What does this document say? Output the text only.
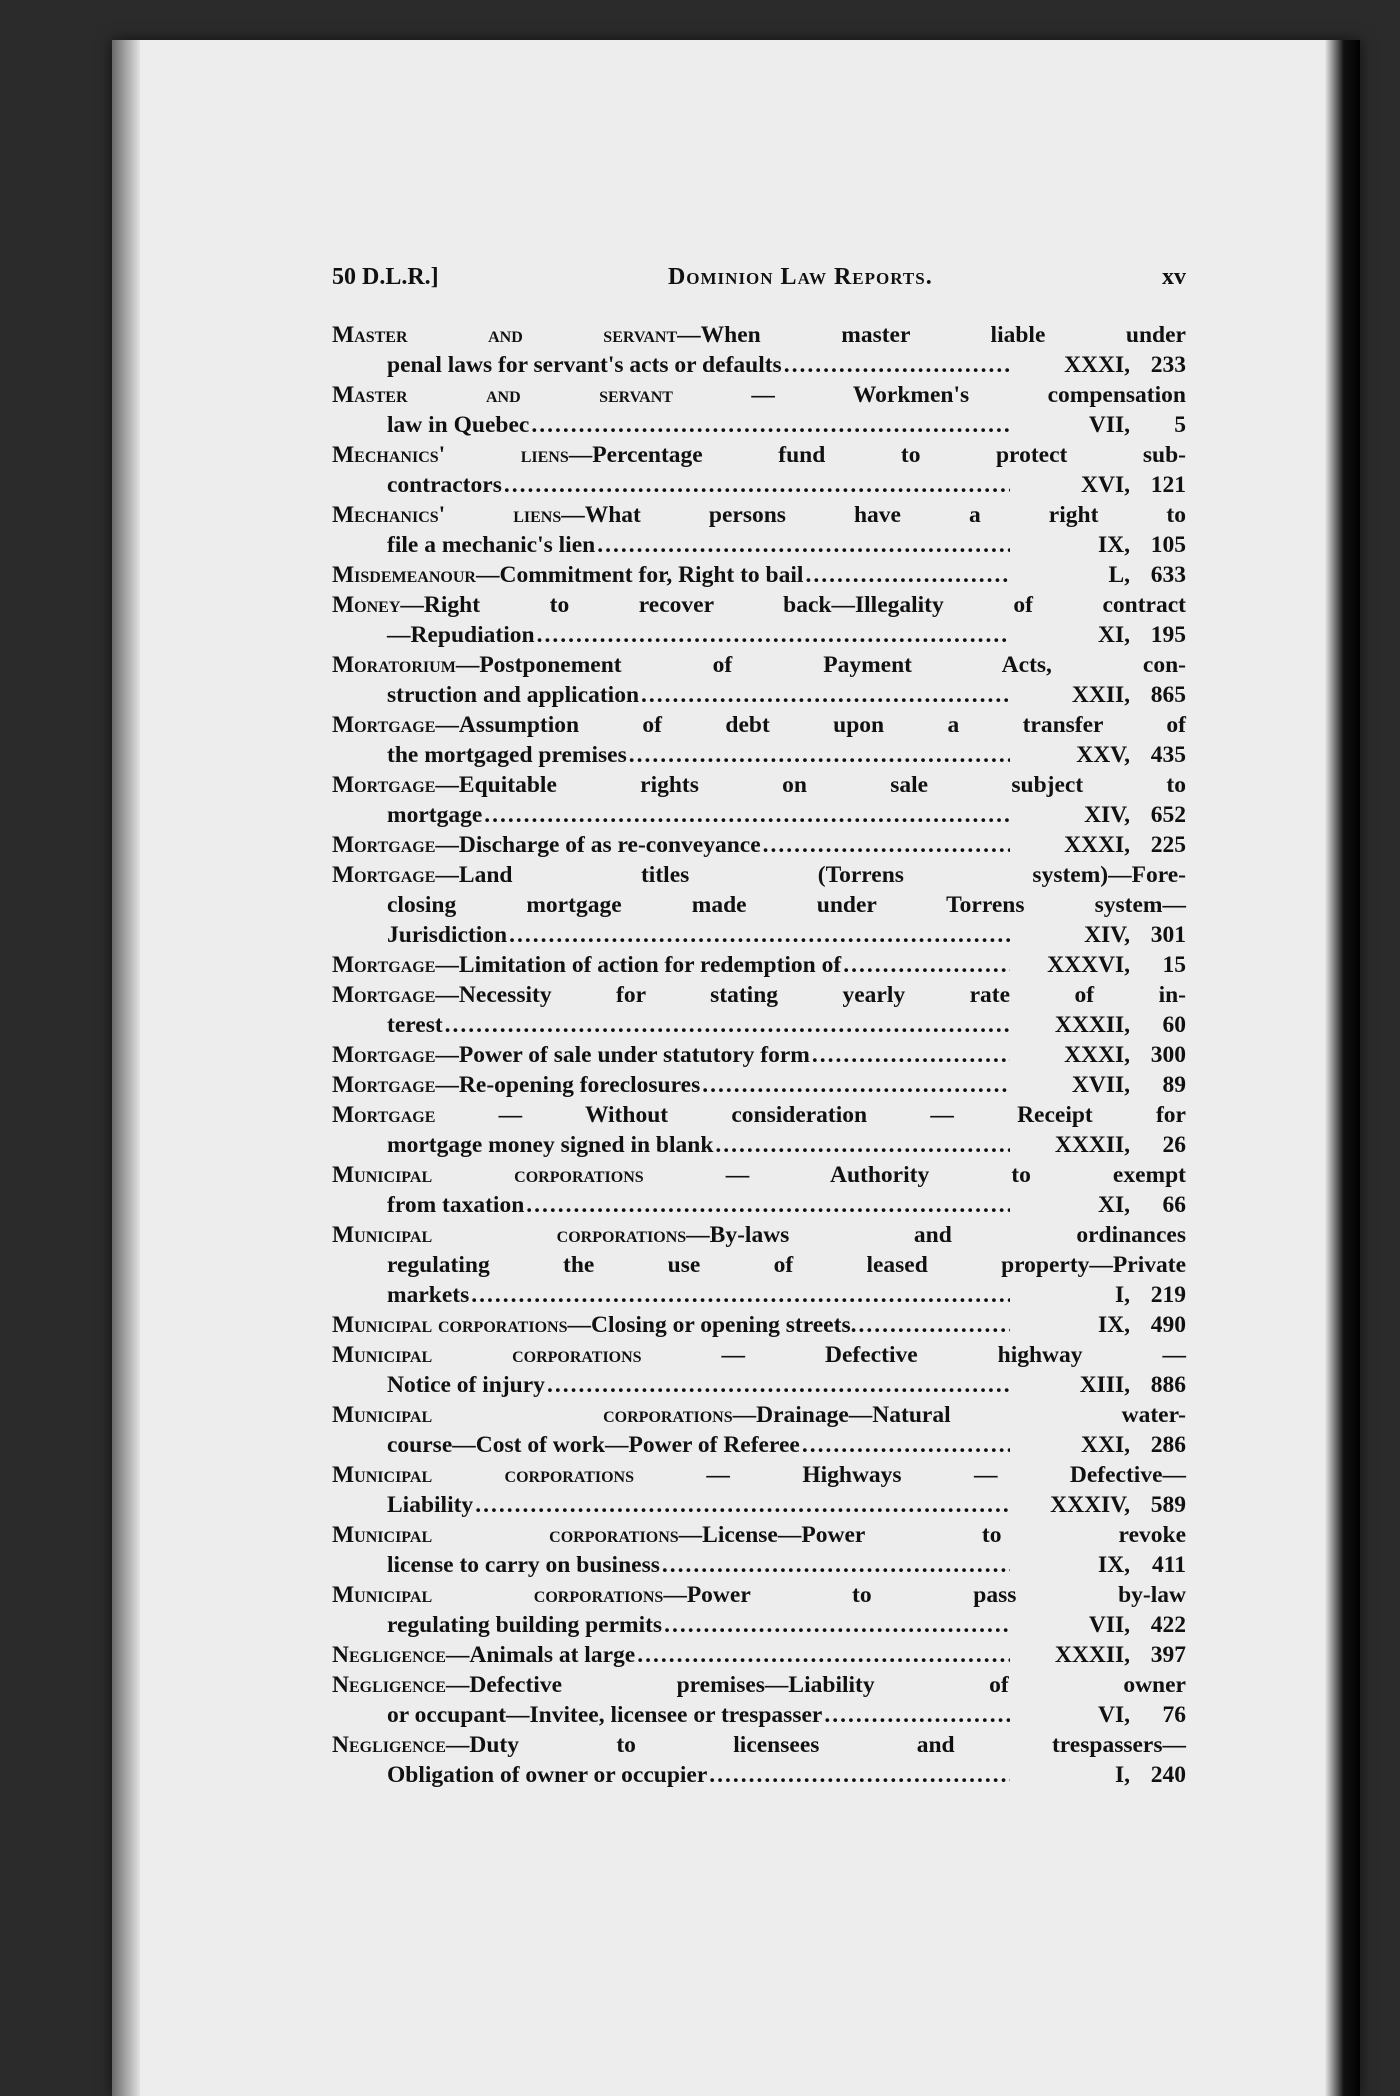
50 D.L.R.]	Dominion Law Reports.	xv
Master and servant—When master liable under
penal laws for servant's acts or defaults .....	XXXI, 233
Master and servant — Workmen's compensation
law in Quebec .....	VII,	5
Mechanics' liens—Percentage fund to protect sub-
contractors .....	XVI, 121
Mechanics' liens—What persons have a right to
file a mechanic's lien .....	IX, 105
Misdemeanour—Commitment for, Right to bail .....	L, 633
Money—Right to recover back—Illegality of contract
—Repudiation .....	XI, 195
Moratorium—Postponement of Payment Acts, con-
struction and application .....	XXII, 865
Mortgage—Assumption of debt upon a transfer of
the mortgaged premises .....	XXV, 435
Mortgage—Equitable rights on sale subject to
mortgage .....	XIV, 652
Mortgage—Discharge of as re-conveyance .....	XXXI, 225
Mortgage—Land titles (Torrens system)—Fore-
closing mortgage made under Torrens system—
Jurisdiction .....	XIV, 301
Mortgage—Limitation of action for redemption of .....	XXXVI,	15
Mortgage—Necessity for stating yearly rate of in-
terest .....	XXXII,	60
Mortgage—Power of sale under statutory form .....	XXXI, 300
Mortgage—Re-opening foreclosures .....	XVII,	89
Mortgage — Without consideration — Receipt for
mortgage money signed in blank .....	XXXII,	26
Municipal corporations — Authority to exempt
from taxation .....	XI,	66
Municipal corporations—By-laws and ordinances
regulating the use of leased property—Private
markets .....	I, 219
Municipal corporations—Closing or opening streets. .....	IX, 490
Municipal corporations — Defective highway —
Notice of injury .....	XIII, 886
Municipal corporations—Drainage—Natural water-
course—Cost of work—Power of Referee .....	XXI, 286
Municipal corporations — Highways — Defective—
Liability .....	XXXIV, 589
Municipal corporations—License—Power to revoke
license to carry on business .....	IX, 411
Municipal corporations—Power to pass by-law
regulating building permits .....	VII, 422
Negligence—Animals at large .....	XXXII, 397
Negligence—Defective premises—Liability of owner
or occupant—Invitee, licensee or trespasser .....	VI,	76
Negligence—Duty to licensees and trespassers—
Obligation of owner or occupier .....	I, 240
